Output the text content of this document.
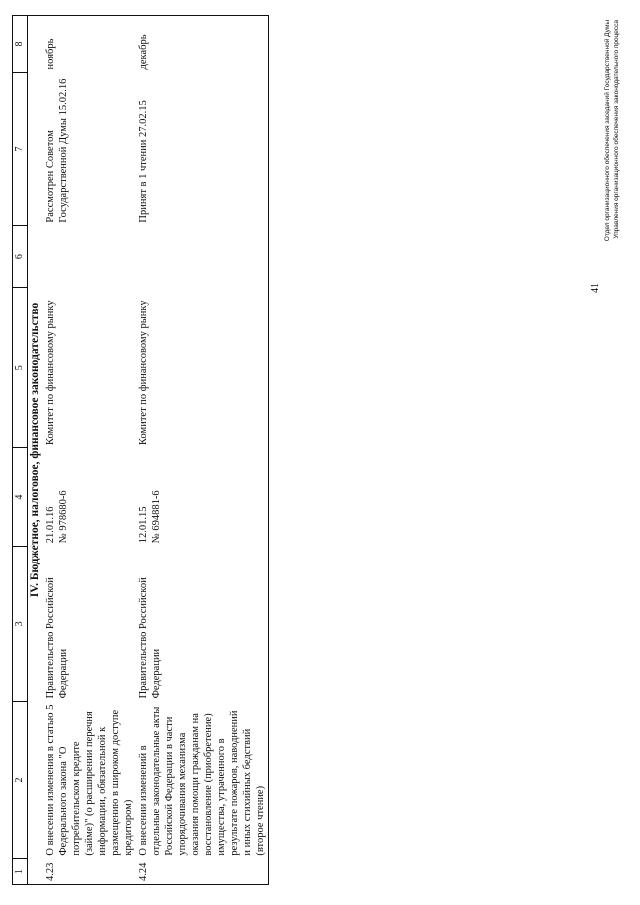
1	2	3	4	5	6	7	8
IV. Бюджетное, налоговое, финансовое законодательство							
4.23	О внесении изменения в статью 5 Федерального закона "О потребительском кредите (займе)" (о расширении перечня информации, обязательной к размещению в широком доступе кредитором)	Правительство Российской Федерации	21.01.16 № 978680-6	Комитет по финансовому рынку		Рассмотрен Советом Государственной Думы 15.02.16	ноябрь
4.24	О внесении изменений в отдельные законодательные акты Российской Федерации в части упорядочивания механизма оказания помощи гражданам на восстановление (приобретение) имущества, утраченного в результате пожаров, наводнений и иных стихийных бедствий (второе чтение)	Правительство Российской Федерации	12.01.15 № 694881-6	Комитет по финансовому рынку		Принят в 1 чтении 27.02.15	декабрь	Отдел организационного обеспечения заседаний Государственной Думы Управления организационного обеспечения законодательного процесса
41
